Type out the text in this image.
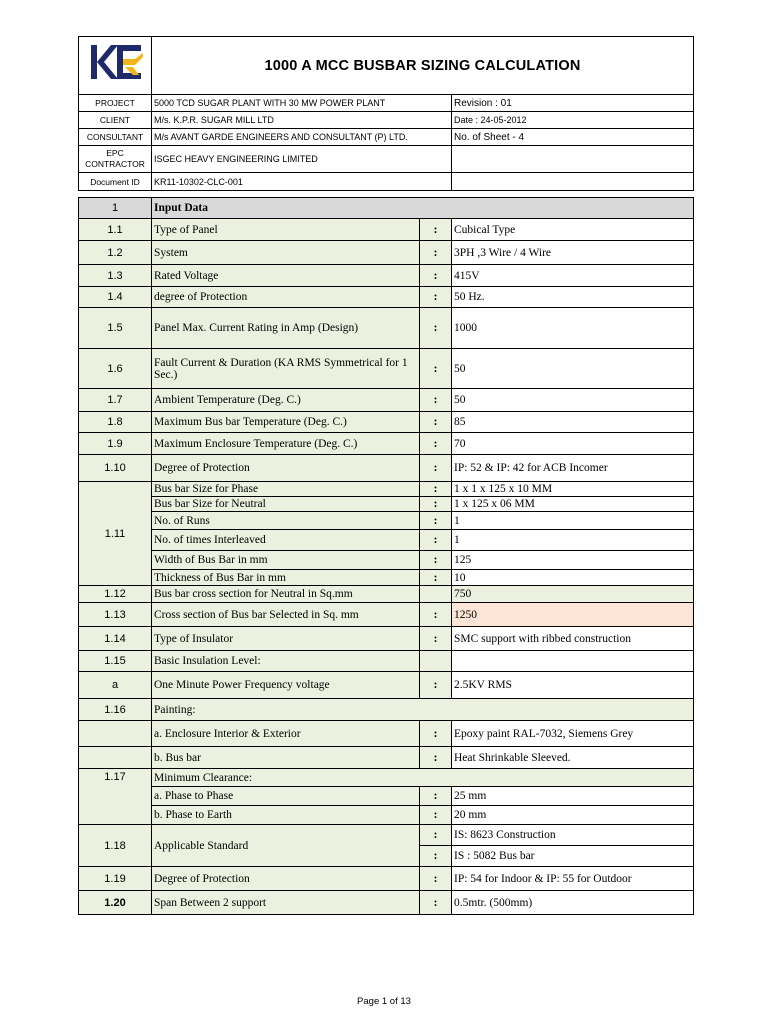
	1000 A MCC BUSBAR SIZING CALCULATION	
PROJECT	5000 TCD SUGAR PLANT WITH 30 MW POWER PLANT	Revision : 01
CLIENT	M/s. K.P.R. SUGAR MILL LTD	Date : 24-05-2012
CONSULTANT	M/s AVANT GARDE ENGINEERS AND CONSULTANT (P) LTD.	No. of Sheet - 4
EPC CONTRACTOR	ISGEC HEAVY ENGINEERING LIMITED	
Document ID	KR11-10302-CLC-001	
1	Input Data		
1.1	Type of Panel	:	Cubical Type
1.2	System	:	3PH ,3 Wire / 4 Wire
1.3	Rated Voltage	:	415V
1.4	degree of Protection	:	50 Hz.
1.5	Panel Max. Current Rating in Amp (Design)	:	1000
1.6	Fault Current & Duration (KA RMS Symmetrical for 1 Sec.)	:	50
1.7	Ambient Temperature (Deg. C.)	:	50
1.8	Maximum Bus bar Temperature (Deg. C.)	:	85
1.9	Maximum Enclosure Temperature (Deg. C.)	:	70
1.10	Degree of Protection	:	IP: 52 & IP: 42 for ACB Incomer
1.11	Bus bar Size for Phase	:	1 x 1 x 125 x 10 MM
	Bus bar Size for Neutral	:	1 x 125 x 06 MM
	No. of Runs	:	1
	No. of times Interleaved	:	1
	Width of Bus Bar in mm	:	125
	Thickness of Bus Bar in mm	:	10
1.12	Bus bar cross section for Neutral in Sq.mm		750
1.13	Cross section of Bus bar Selected in Sq. mm	:	1250
1.14	Type of Insulator	:	SMC support with ribbed construction
1.15	Basic Insulation Level:		
a	One Minute Power Frequency voltage	:	2.5KV RMS
1.16	Painting:		
	a. Enclosure Interior & Exterior	:	Epoxy paint RAL-7032, Siemens Grey
	b. Bus bar	:	Heat Shrinkable Sleeved.
1.17	Minimum Clearance:		
	a. Phase to Phase	:	25 mm
	b. Phase to Earth	:	20 mm
1.18	Applicable Standard	:	IS: 8623 Construction
		:	IS : 5082 Bus bar
1.19	Degree of Protection	:	IP: 54 for Indoor & IP: 55 for Outdoor
1.20	Span Between 2 support	:	0.5mtr. (500mm)
Page 1 of 13
